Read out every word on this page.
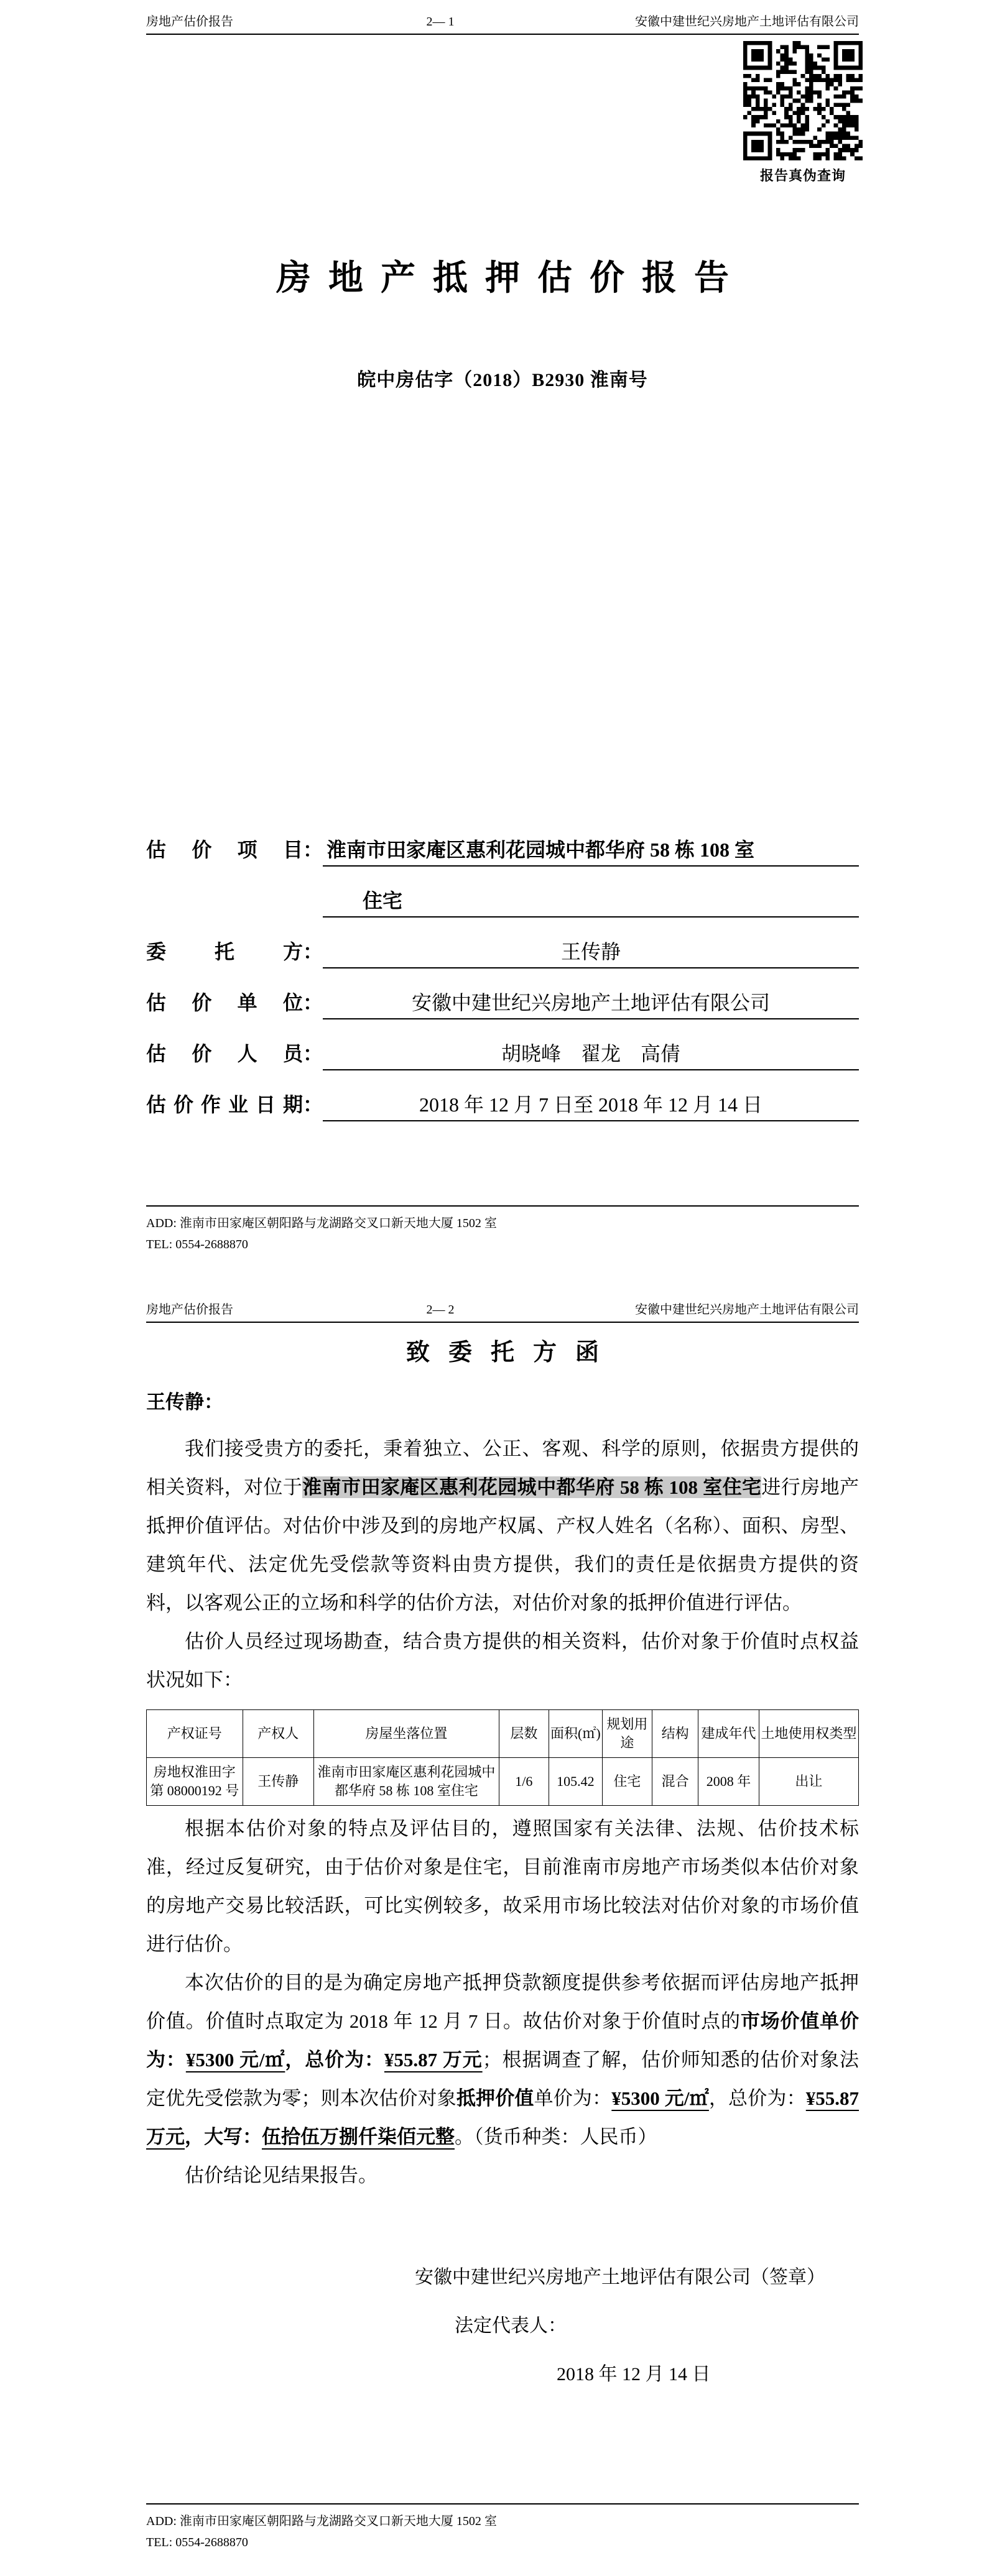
房地产估价报告	2— 1	安徽中建世纪兴房地产土地评估有限公司
报告真伪查询
房地产抵押估价报告
皖中房估字（2018）B2930 淮南号
估价项目 ： 淮南市田家庵区惠利花园城中都华府 58 栋 108 室
住宅
委托方 ：	王传静
估价单位 ：	安徽中建世纪兴房地产土地评估有限公司
估价人员 ：	胡晓峰　翟龙　高倩
估价作业日期 ：	2018 年 12 月 7 日至 2018 年 12 月 14 日
ADD: 淮南市田家庵区朝阳路与龙湖路交叉口新天地大厦 1502 室
TEL: 0554-2688870
房地产估价报告	2— 2	安徽中建世纪兴房地产土地评估有限公司
致委托方函
王传静：

我们接受贵方的委托，秉着独立、公正、客观、科学的原则，依据贵方提供的相关资料，对位于淮南市田家庵区惠利花园城中都华府 58 栋 108 室住宅进行房地产抵押价值评估。对估价中涉及到的房地产权属、产权人姓名（名称）、面积、房型、建筑年代、法定优先受偿款等资料由贵方提供，我们的责任是依据贵方提供的资料，以客观公正的立场和科学的估价方法，对估价对象的抵押价值进行评估。

估价人员经过现场勘查，结合贵方提供的相关资料，估价对象于价值时点权益状况如下：

产权证号	产权人	房屋坐落位置	层数	面积(㎡)	规划用途	结构	建成年代	土地使用权类型
房地权淮田字第 08000192 号	王传静	淮南市田家庵区惠利花园城中都华府 58 栋 108 室住宅	1/6	105.42	住宅	混合	2008 年	出让

根据本估价对象的特点及评估目的，遵照国家有关法律、法规、估价技术标准，经过反复研究，由于估价对象是住宅，目前淮南市房地产市场类似本估价对象的房地产交易比较活跃，可比实例较多，故采用市场比较法对估价对象的市场价值进行估价。

本次估价的目的是为确定房地产抵押贷款额度提供参考依据而评估房地产抵押价值。价值时点取定为 2018 年 12 月 7 日。故估价对象于价值时点的市场价值单价为：¥5300 元/㎡，总价为：¥55.87 万元；根据调查了解，估价师知悉的估价对象法定优先受偿款为零；则本次估价对象抵押价值单价为：¥5300 元/㎡，总价为：¥55.87 万元，大写：伍拾伍万捌仟柒佰元整。（货币种类：人民币）

估价结论见结果报告。

安徽中建世纪兴房地产土地评估有限公司（签章）
法定代表人：
2018 年 12 月 14 日
ADD: 淮南市田家庵区朝阳路与龙湖路交叉口新天地大厦 1502 室
TEL: 0554-2688870
